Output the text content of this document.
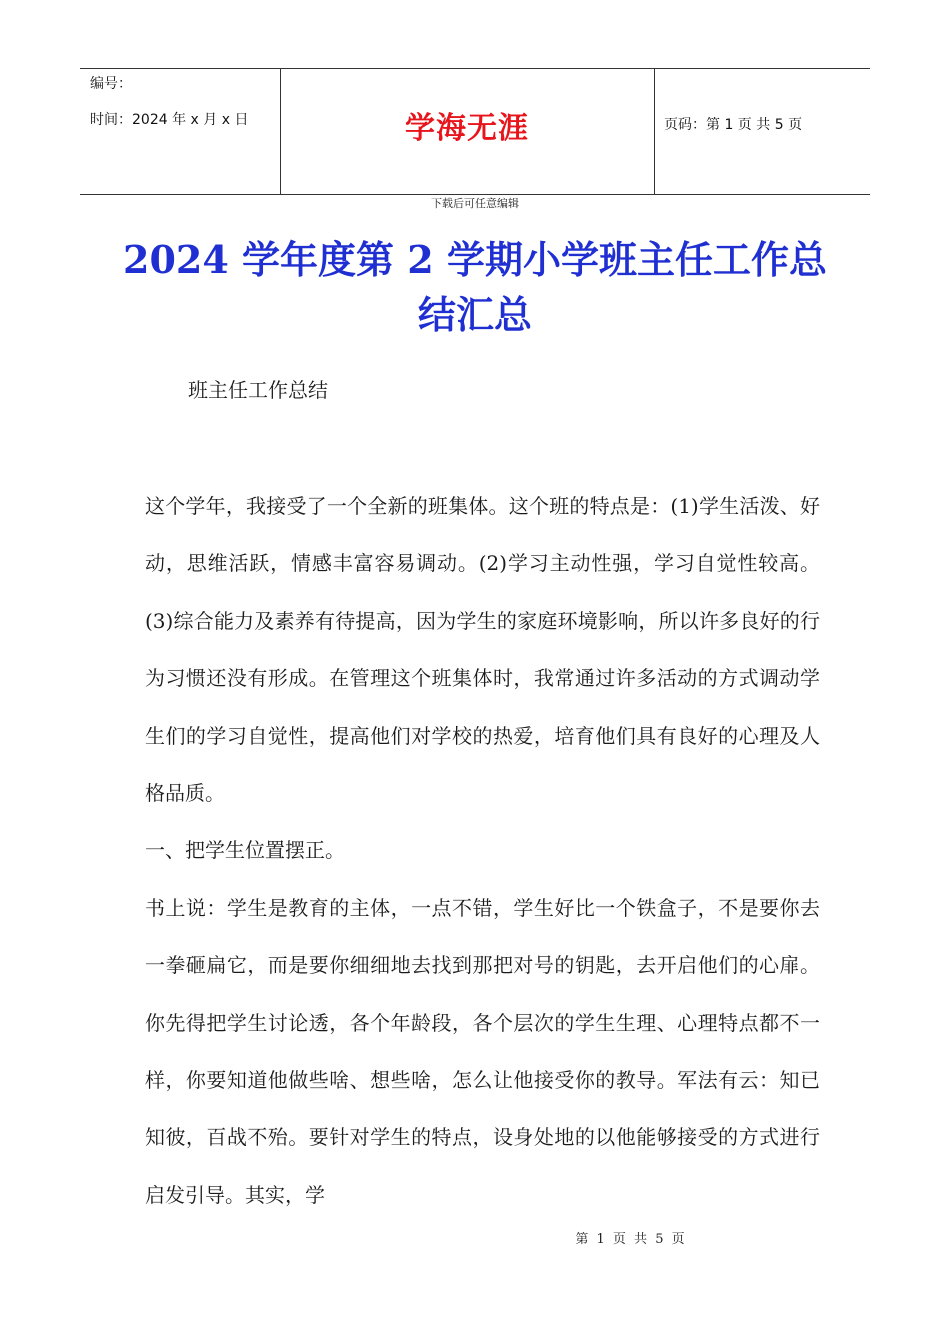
编号：
时间：2024 年 x 月 x 日	学海无涯	页码：第 1 页 共 5 页
下载后可任意编辑
2024 学年度第 2 学期小学班主任工作总结汇总
班主任工作总结

这个学年，我接受了一个全新的班集体。这个班的特点是：(1)学生活泼、好动，思维活跃，情感丰富容易调动。(2)学习主动性强，学习自觉性较高。(3)综合能力及素养有待提高，因为学生的家庭环境影响，所以许多良好的行为习惯还没有形成。在管理这个班集体时，我常通过许多活动的方式调动学生们的学习自觉性，提高他们对学校的热爱，培育他们具有良好的心理及人格品质。

一、把学生位置摆正。

书上说：学生是教育的主体，一点不错，学生好比一个铁盒子，不是要你去一拳砸扁它，而是要你细细地去找到那把对号的钥匙，去开启他们的心扉。你先得把学生讨论透，各个年龄段，各个层次的学生生理、心理特点都不一样，你要知道他做些啥、想些啥，怎么让他接受你的教导。军法有云：知已知彼，百战不殆。要针对学生的特点，设身处地的以他能够接受的方式进行启发引导。其实，学

第 1 页 共 5 页
